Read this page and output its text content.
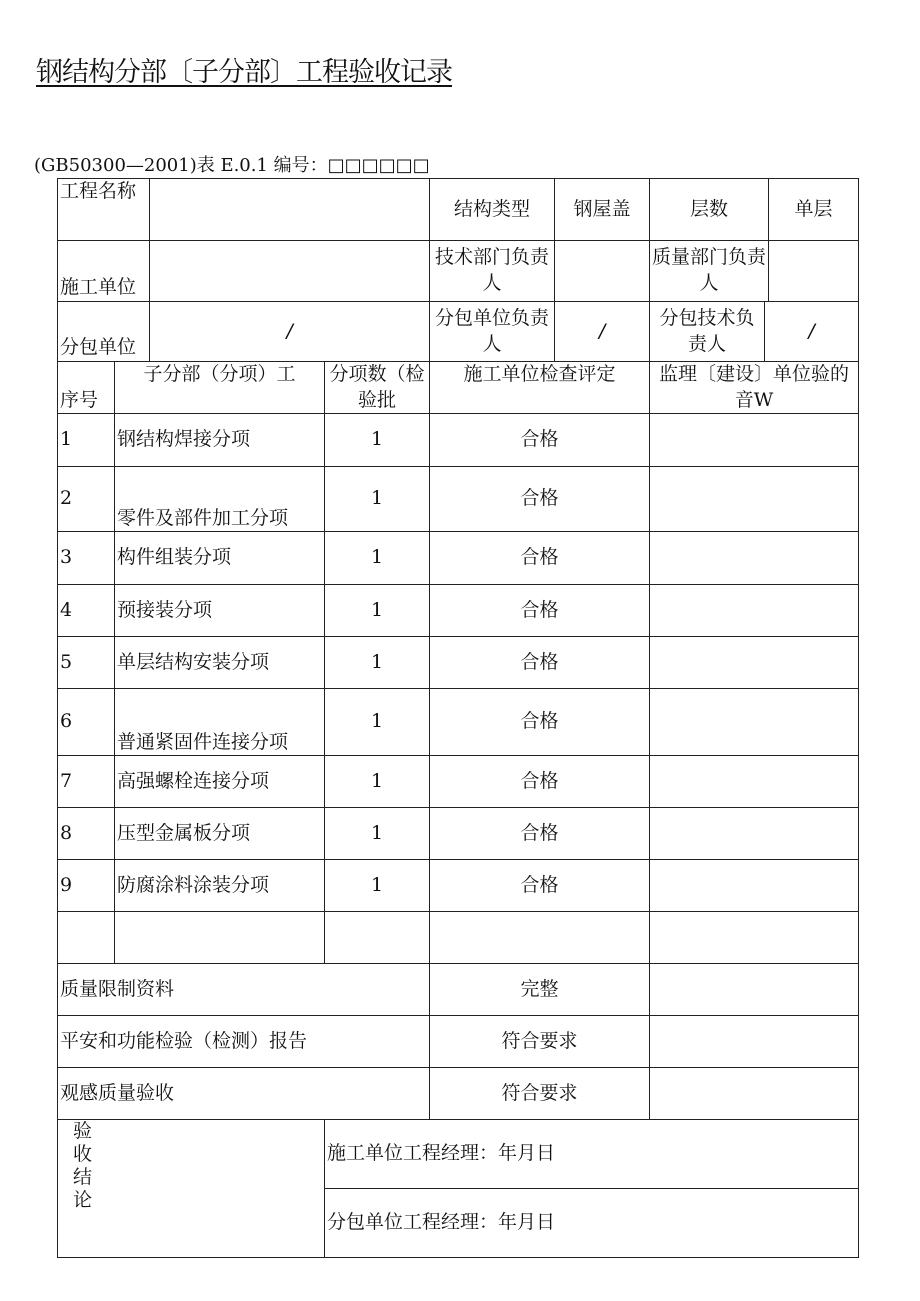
钢结构分部〔子分部〕工程验收记录
(GB50300—2001)表 E.0.1 编号：□□□□□□
工程名称				结构类型	钢屋盖	层数		单层
施工单位				技术部门负责人		质量部门负责人		
分包单位		/		分包单位负责人	/	分包技术负责人	/	
序号	子分部（分项）工		分项数（检验批	施工单位检查评定		监理〔建设〕单位验的音W		
1	钢结构焊接分项		1	合格				
2	零件及部件加工分项		1	合格				
3	构件组装分项		1	合格				
4	预接装分项		1	合格				
5	单层结构安装分项		1	合格				
6	普通紧固件连接分项		1	合格				
7	高强螺栓连接分项		1	合格				
8	压型金属板分项		1	合格				
9	防腐涂料涂装分项		1	合格				

质量限制资料				完整				
平安和功能检验（检测）报告				符合要求				
观感质量验收				符合要求				
验收结论			施工单位工程经理：年月日					
			分包单位工程经理：年月日					
